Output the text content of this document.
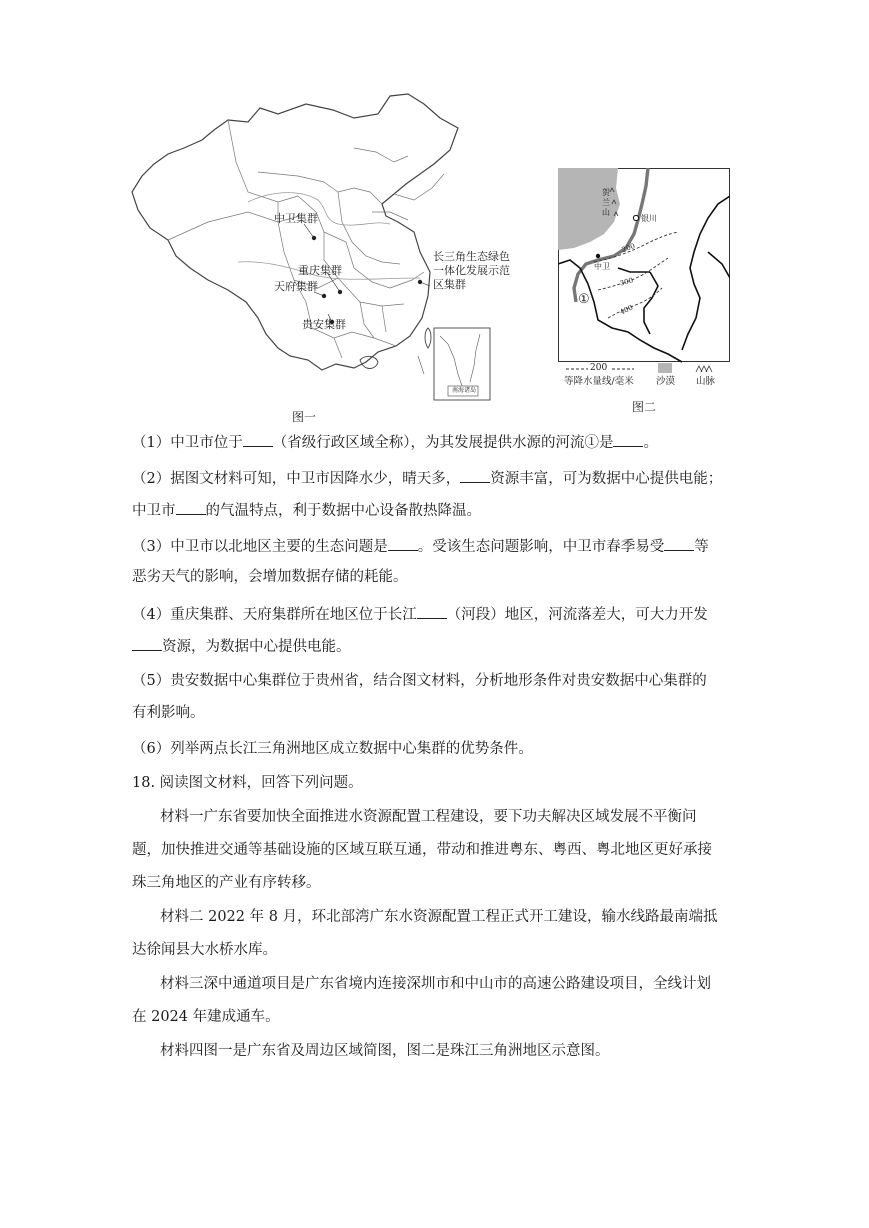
中卫集群
重庆集群
天府集群
贵安集群
长三角生态绿色
一体化发展示范
区集群
南海诸岛
图一
贺兰山
银川
中卫
①
200
300
400
200
等降水量线/毫米 沙漠 山脉
图二
（1）中卫市位于 （省级行政区域全称），为其发展提供水源的河流①是 。
（2）据图文材料可知，中卫市因降水少，晴天多， 资源丰富，可为数据中心提供电能；
中卫市 的气温特点，利于数据中心设备散热降温。
（3）中卫市以北地区主要的生态问题是 。受该生态问题影响，中卫市春季易受 等
恶劣天气的影响，会增加数据存储的耗能。
（4）重庆集群、天府集群所在地区位于长江 （河段）地区，河流落差大，可大力开发
资源，为数据中心提供电能。
（5）贵安数据中心集群位于贵州省，结合图文材料，分析地形条件对贵安数据中心集群的
有利影响。
（6）列举两点长江三角洲地区成立数据中心集群的优势条件。
18. 阅读图文材料，回答下列问题。
材料一广东省要加快全面推进水资源配置工程建设，要下功夫解决区域发展不平衡问
题，加快推进交通等基础设施的区域互联互通，带动和推进粤东、粤西、粤北地区更好承接
珠三角地区的产业有序转移。
材料二 2022 年 8 月，环北部湾广东水资源配置工程正式开工建设，输水线路最南端抵
达徐闻县大水桥水库。
材料三深中通道项目是广东省境内连接深圳市和中山市的高速公路建设项目，全线计划
在 2024 年建成通车。
材料四图一是广东省及周边区域简图，图二是珠江三角洲地区示意图。
